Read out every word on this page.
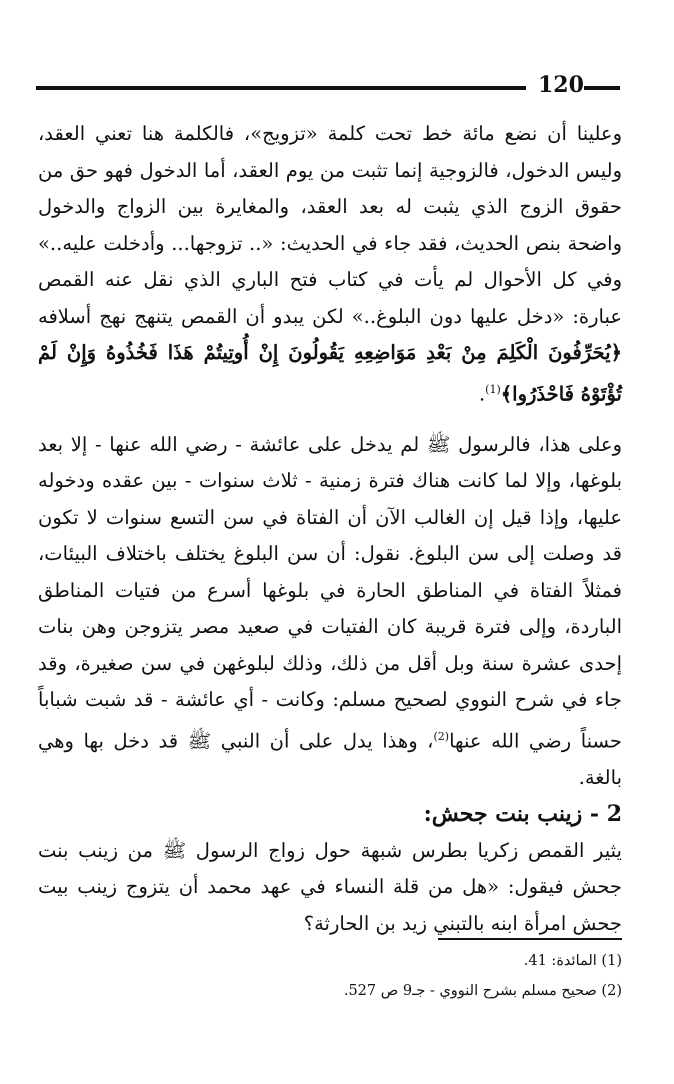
120

وعلينا أن نضع مائة خط تحت كلمة «تزويج»، فالكلمة هنا تعني العقد، وليس الدخول، فالزوجية إنما تثبت من يوم العقد، أما الدخول فهو حق من حقوق الزوج الذي يثبت له بعد العقد، والمغايرة بين الزواج والدخول واضحة بنص الحديث، فقد جاء في الحديث: «.. تزوجها... وأدخلت عليه..» وفي كل الأحوال لم يأت في كتاب فتح الباري الذي نقل عنه القمص عبارة: «دخل عليها دون البلوغ..» لكن يبدو أن القمص يتنهج نهج أسلافه ﴿يُحَرِّفُونَ الْكَلِمَ مِنْ بَعْدِ مَوَاضِعِهِ يَقُولُونَ إِنْ أُوتِيتُمْ هَذَا فَخُذُوهُ وَإِنْ لَمْ تُؤْتَوْهُ فَاحْذَرُوا﴾$^{(1)}$.

وعلى هذا، فالرسول ﷺ لم يدخل على عائشة - رضي الله عنها - إلا بعد بلوغها، وإلا لما كانت هناك فترة زمنية - ثلاث سنوات - بين عقده ودخوله عليها، وإذا قيل إن الغالب الآن أن الفتاة في سن التسع سنوات لا تكون قد وصلت إلى سن البلوغ. نقول: أن سن البلوغ يختلف باختلاف البيئات، فمثلاً الفتاة في المناطق الحارة في بلوغها أسرع من فتيات المناطق الباردة، وإلى فترة قريبة كان الفتيات في صعيد مصر يتزوجن وهن بنات إحدى عشرة سنة وبل أقل من ذلك، وذلك لبلوغهن في سن صغيرة، وقد جاء في شرح النووي لصحيح مسلم: وكانت - أي عائشة - قد شبت شباباً حسناً رضي الله عنها$^{(2)}$، وهذا يدل على أن النبي ﷺ قد دخل بها وهي بالغة.

2 - زينب بنت جحش:

يثير القمص زكريا بطرس شبهة حول زواج الرسول ﷺ من زينب بنت جحش فيقول: «هل من قلة النساء في عهد محمد أن يتزوج زينب بيت جحش امرأة ابنه بالتبني زيد بن الحارثة؟

(1) المائدة: 41.

(2) صحيح مسلم بشرح النووي - جـ9 ص 527.
